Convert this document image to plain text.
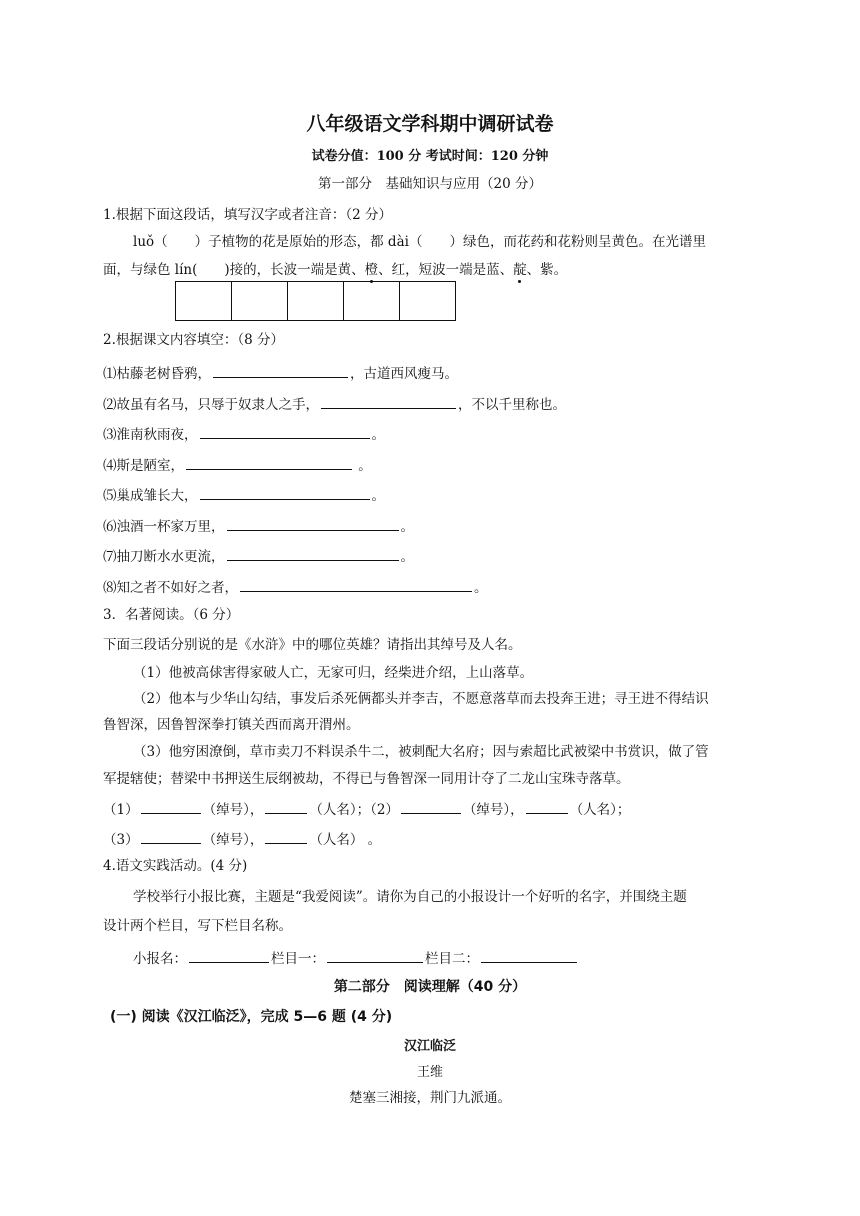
八年级语文学科期中调研试卷
试卷分值：100 分 考试时间：120 分钟
第一部分　基础知识与应用（20 分）
1.根据下面这段话，填写汉字或者注音：（2 分）
luǒ（　　）子植物的花是原始的形态，都 dài（　　）绿色，而花药和花粉则呈黄色。在光谱里
面，与绿色 lín(　　)接的，长波一端是黄、橙、红，短波一端是蓝、靛、紫。
2.根据课文内容填空：（8 分）
⑴枯藤老树昏鸦，	，古道西风瘦马。
⑵故虽有名马，只辱于奴隶人之手，	，不以千里称也。
⑶淮南秋雨夜，	。
⑷斯是陋室，	。
⑸巢成雏长大，	。
⑹浊酒一杯家万里，	。
⑺抽刀断水水更流，	。
⑻知之者不如好之者，	。
3．名著阅读。（6 分）
下面三段话分别说的是《水浒》中的哪位英雄？请指出其绰号及人名。
（1）他被高俅害得家破人亡，无家可归，经柴进介绍，上山落草。
（2）他本与少华山勾结，事发后杀死俩都头并李吉，不愿意落草而去投奔王进；寻王进不得结识
鲁智深，因鲁智深拳打镇关西而离开渭州。
（3）他穷困潦倒，草市卖刀不料误杀牛二，被刺配大名府；因与索超比武被梁中书赏识，做了管
军提辖使；替梁中书押送生辰纲被劫，不得已与鲁智深一同用计夺了二龙山宝珠寺落草。
（1）	（绰号），	（人名）；（2）	（绰号），	（人名）；
（3）	（绰号），	（人名） 。
4.语文实践活动。(4 分)
学校举行小报比赛，主题是“我爱阅读”。请你为自己的小报设计一个好听的名字，并围绕主题
设计两个栏目，写下栏目名称。
小报名：	栏目一：	栏目二：
第二部分　阅读理解（40 分）
(一) 阅读《汉江临泛》，完成 5—6 题 (4 分)
汉江临泛
王维
楚塞三湘接，荆门九派通。
